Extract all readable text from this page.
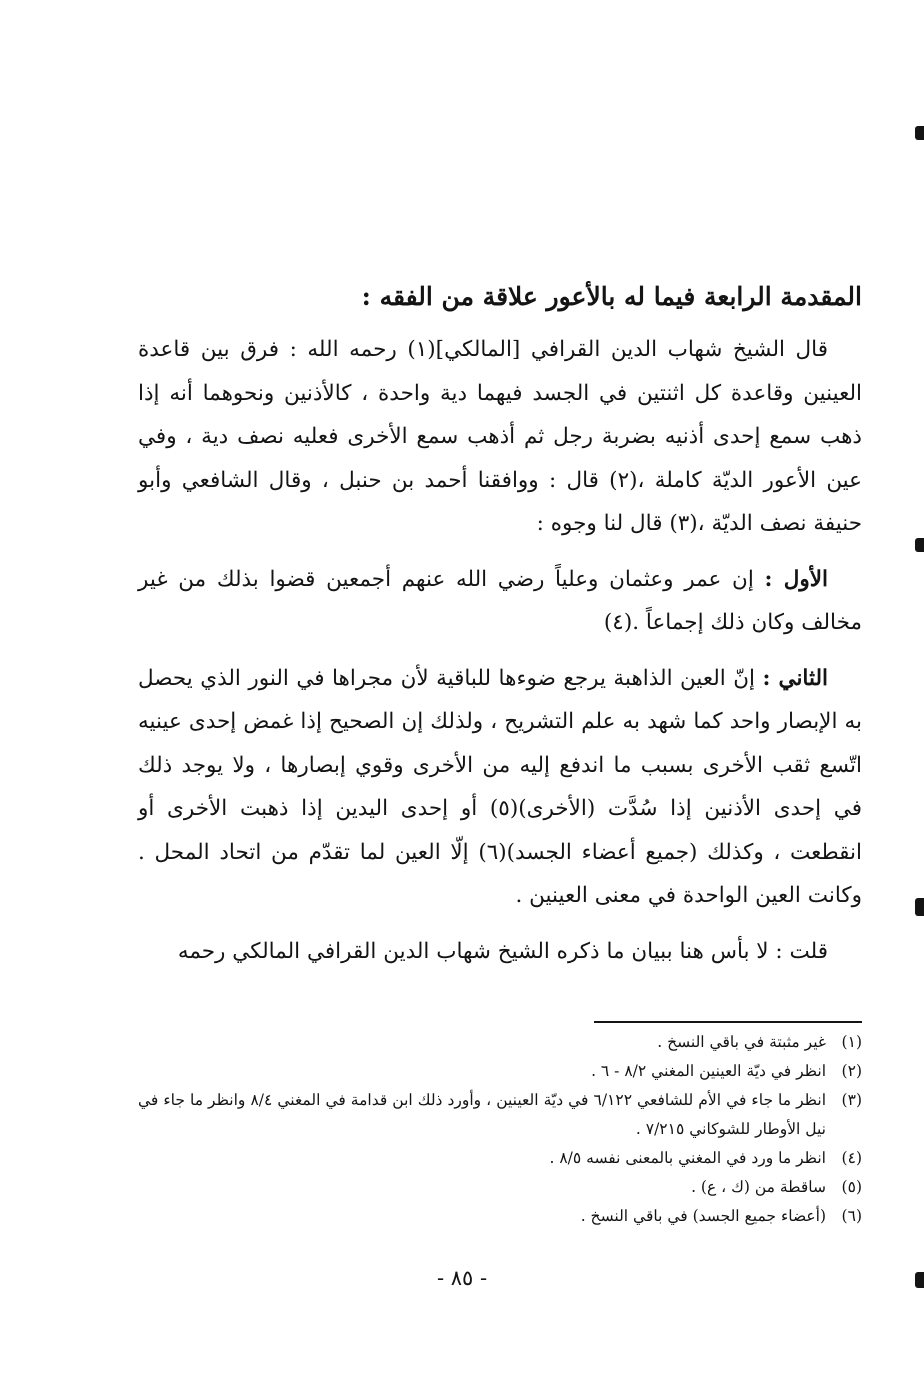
المقدمة الرابعة فيما له بالأعور علاقة من الفقه :

قال الشيخ شهاب الدين القرافي [المالكي](١) رحمه الله : فرق بين قاعدة العينين وقاعدة كل اثنتين في الجسد فيهما دية واحدة ، كالأذنين ونحوهما أنه إذا ذهب سمع إحدى أذنيه بضربة رجل ثم أذهب سمع الأخرى فعليه نصف دية ، وفي عين الأعور الديّة كاملة ،(٢) قال : ووافقنا أحمد بن حنبل ، وقال الشافعي وأبو حنيفة نصف الديّة ،(٣) قال لنا وجوه :

الأول : إن عمر وعثمان وعلياً رضي الله عنهم أجمعين قضوا بذلك من غير مخالف وكان ذلك إجماعاً .(٤)

الثاني : إنّ العين الذاهبة يرجع ضوءها للباقية لأن مجراها في النور الذي يحصل به الإبصار واحد كما شهد به علم التشريح ، ولذلك إن الصحيح إذا غمض إحدى عينيه اتّسع ثقب الأخرى بسبب ما اندفع إليه من الأخرى وقوي إبصارها ، ولا يوجد ذلك في إحدى الأذنين إذا سُدَّت (الأخرى)(٥) أو إحدى اليدين إذا ذهبت الأخرى أو انقطعت ، وكذلك (جميع أعضاء الجسد)(٦) إلّا العين لما تقدّم من اتحاد المحل . وكانت العين الواحدة في معنى العينين .

قلت : لا بأس هنا ببيان ما ذكره الشيخ شهاب الدين القرافي المالكي رحمه

(١)
غير مثبتة في باقي النسخ .
(٢)
انظر في ديّة العينين المغني ٨/٢ - ٦ .
(٣)
انظر ما جاء في الأم للشافعي ٦/١٢٢ في ديّة العينين ، وأورد ذلك ابن قدامة في المغني ٨/٤ وانظر ما جاء في نيل الأوطار للشوكاني ٧/٢١٥ .
(٤)
انظر ما ورد في المغني بالمعنى نفسه ٨/٥ .
(٥)
ساقطة من (ك ، ع) .
(٦)
(أعضاء جميع الجسد) في باقي النسخ .
- ٨٥ -
